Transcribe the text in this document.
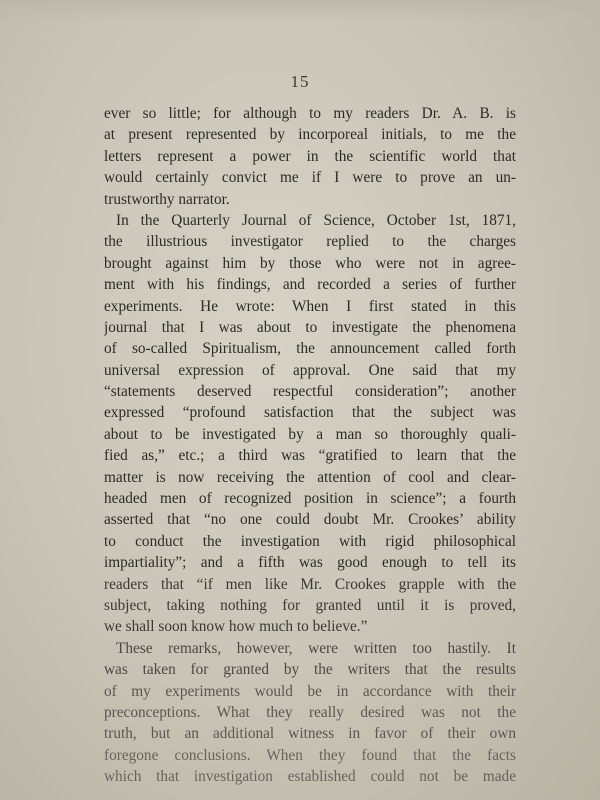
15
ever so little; for although to my readers Dr. A. B. is
at present represented by incorporeal initials, to me the
letters represent a power in the scientific world that
would certainly convict me if I were to prove an un-
trustworthy narrator.
In the Quarterly Journal of Science, October 1st, 1871,
the illustrious investigator replied to the charges
brought against him by those who were not in agree-
ment with his findings, and recorded a series of further
experiments. He wrote: When I first stated in this
journal that I was about to investigate the phenomena
of so-called Spiritualism, the announcement called forth
universal expression of approval. One said that my
“statements deserved respectful consideration”; another
expressed “profound satisfaction that the subject was
about to be investigated by a man so thoroughly quali-
fied as,” etc.; a third was “gratified to learn that the
matter is now receiving the attention of cool and clear-
headed men of recognized position in science”; a fourth
asserted that “no one could doubt Mr. Crookes’ ability
to conduct the investigation with rigid philosophical
impartiality”; and a fifth was good enough to tell its
readers that “if men like Mr. Crookes grapple with the
subject, taking nothing for granted until it is proved,
we shall soon know how much to believe.”
These remarks, however, were written too hastily. It
was taken for granted by the writers that the results
of my experiments would be in accordance with their
preconceptions. What they really desired was not the
truth, but an additional witness in favor of their own
foregone conclusions. When they found that the facts
which that investigation established could not be made
